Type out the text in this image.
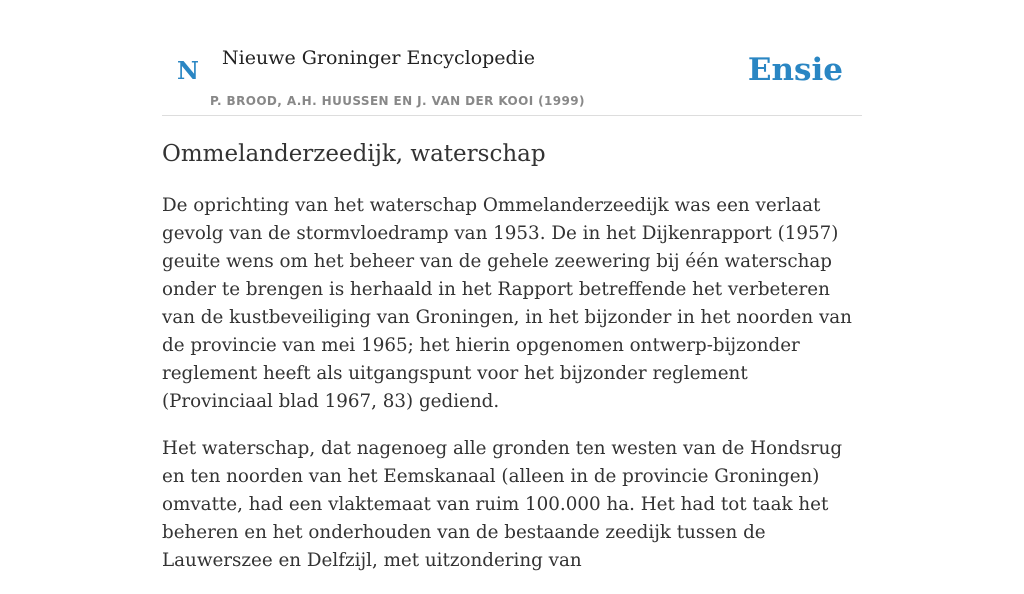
N Nieuwe Groninger Encyclopedie
P. BROOD, A.H. HUUSSEN EN J. VAN DER KOOI (1999)
Ensie
Ommelanderzeedijk, waterschap

De oprichting van het waterschap Ommelanderzeedijk was een verlaat gevolg van de stormvloedramp van 1953. De in het Dijkenrapport (1957) geuite wens om het beheer van de gehele zeewering bij één waterschap onder te brengen is herhaald in het Rapport betreffende het verbeteren van de kustbeveiliging van Groningen, in het bijzonder in het noorden van de provincie van mei 1965; het hierin opgenomen ontwerp-bijzonder reglement heeft als uitgangspunt voor het bijzonder reglement (Provinciaal blad 1967, 83) gediend.

Het waterschap, dat nagenoeg alle gronden ten westen van de Hondsrug en ten noorden van het Eemskanaal (alleen in de provincie Groningen) omvatte, had een vlaktemaat van ruim 100.000 ha. Het had tot taak het beheren en het onderhouden van de bestaande zeedijk tussen de Lauwerszee en Delfzijl, met uitzondering van
